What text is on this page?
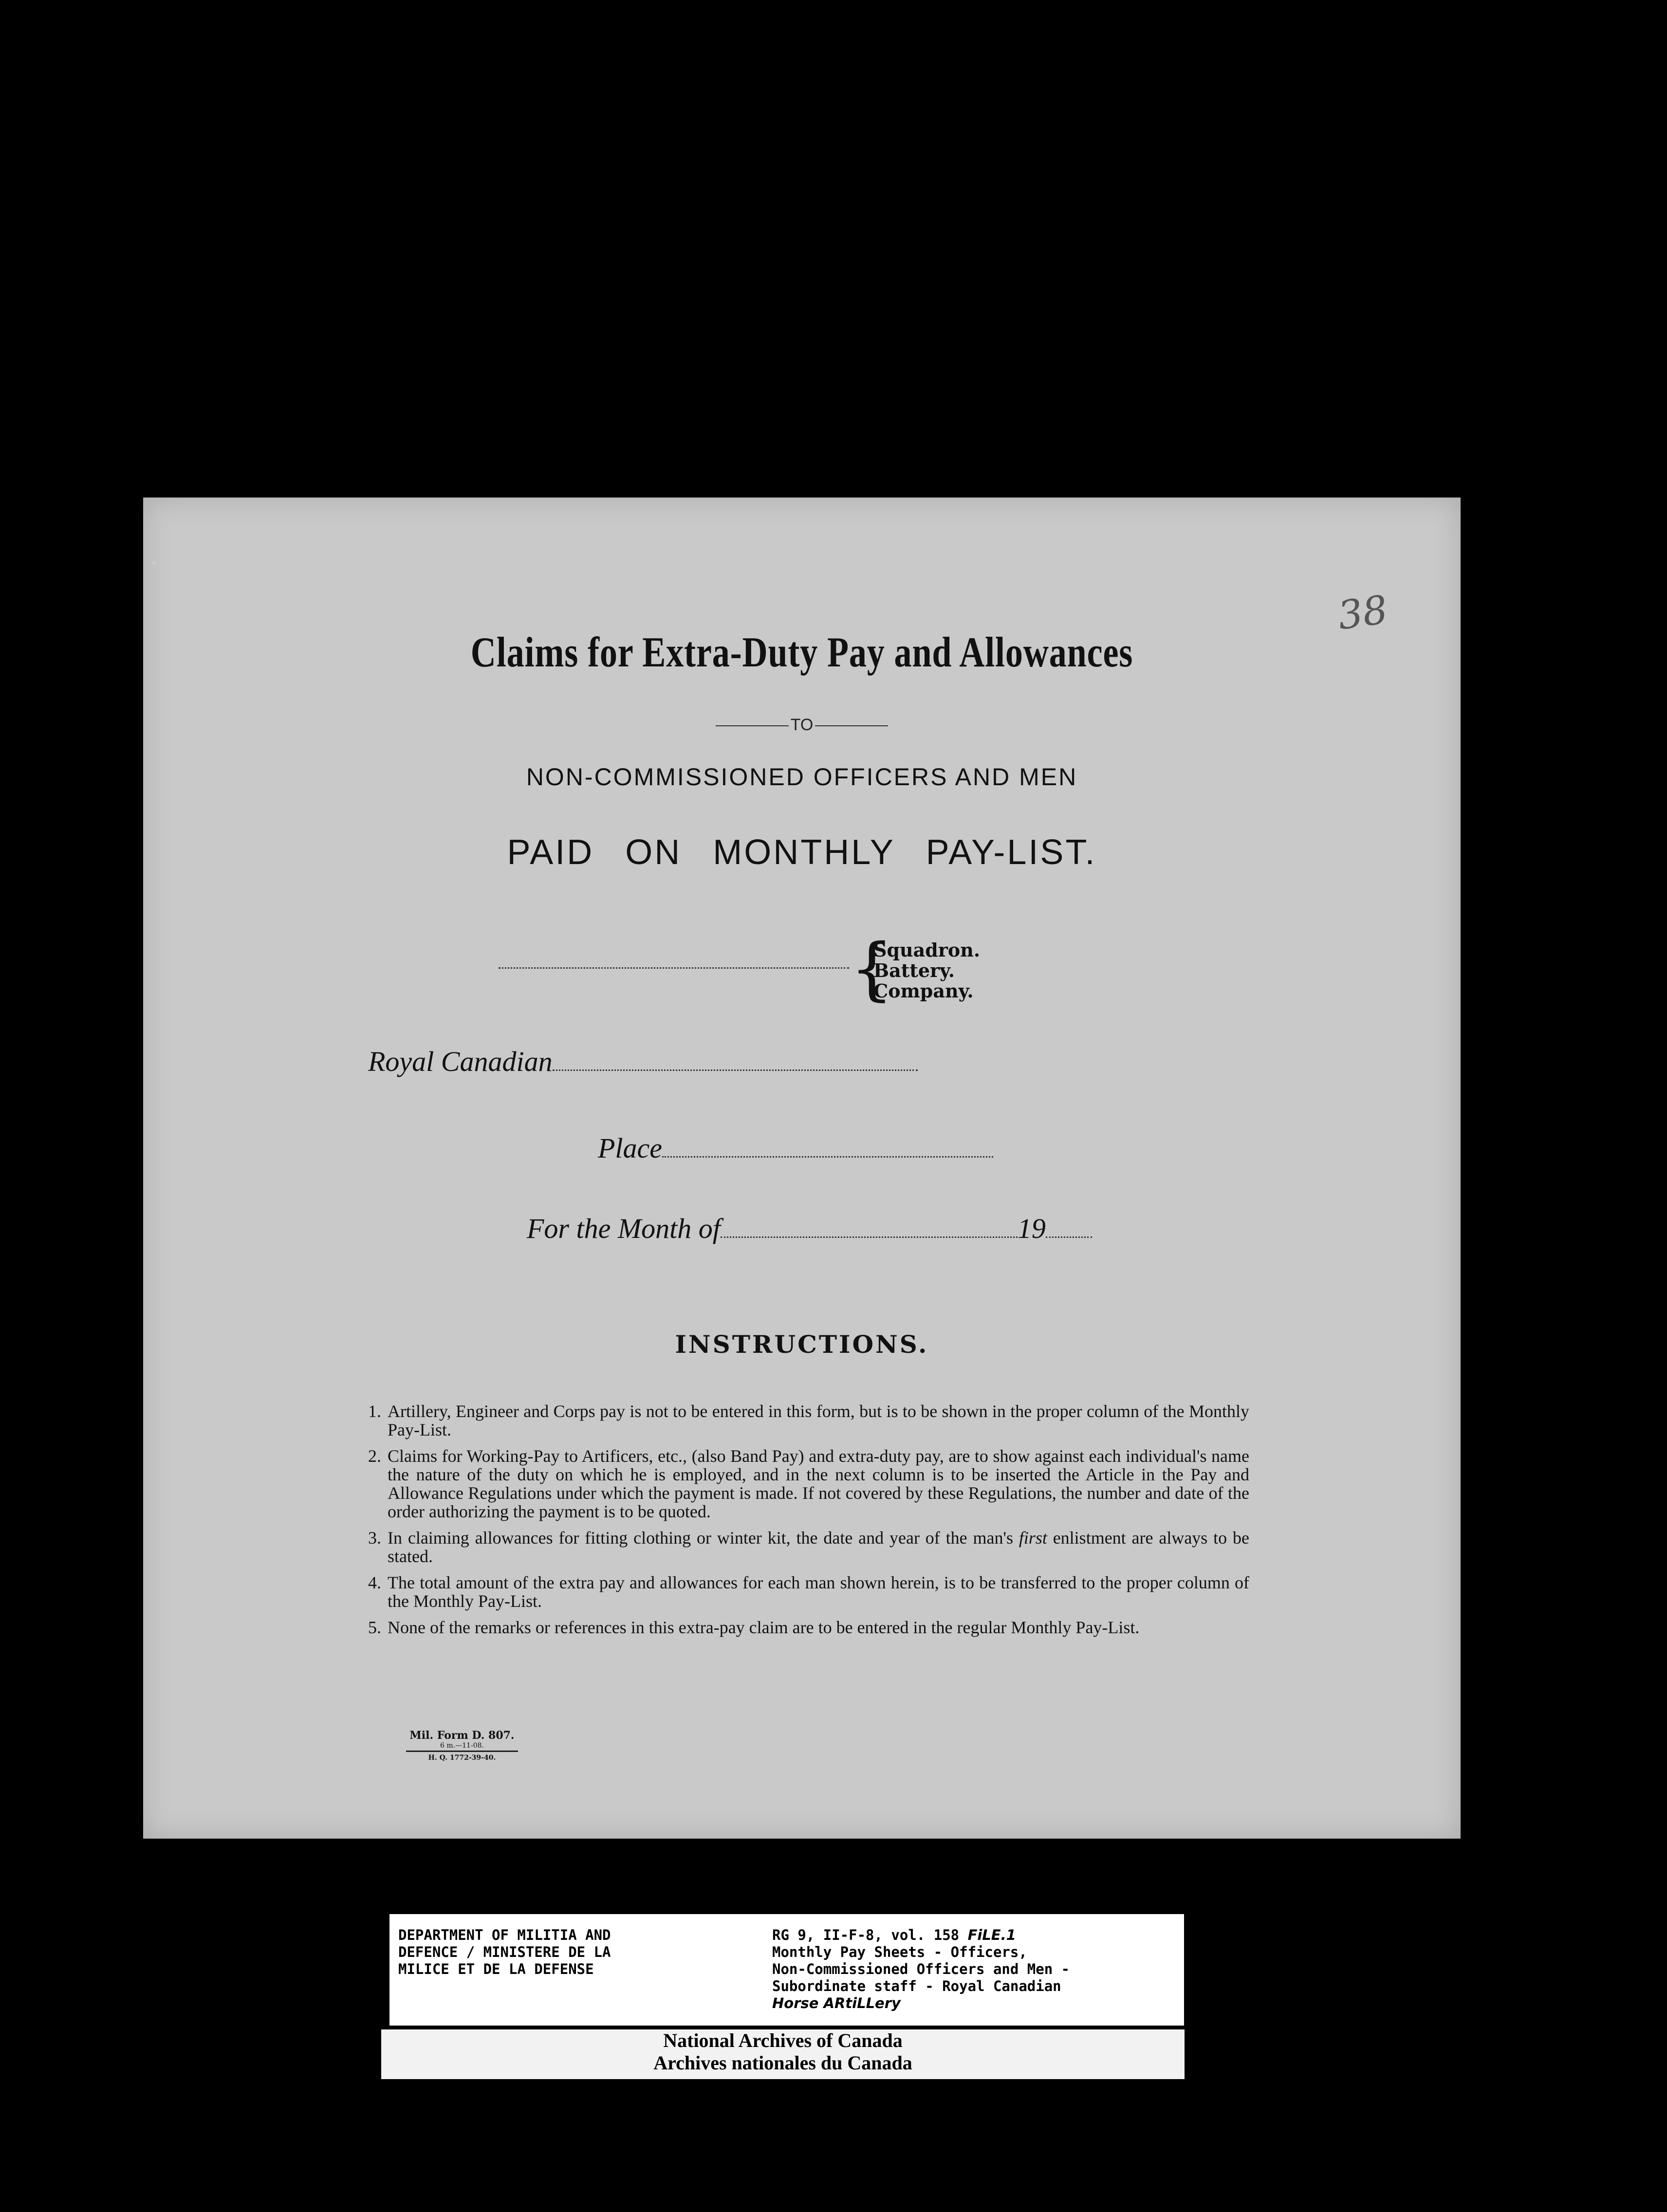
38
Claims for Extra-Duty Pay and Allowances
TO
NON-COMMISSIONED OFFICERS AND MEN
PAID ON MONTHLY PAY-LIST.
{
Squadron.
Battery.
Company.
Royal Canadian
Place
For the Month of	19
INSTRUCTIONS.
1. Artillery, Engineer and Corps pay is not to be entered in this form, but is to be shown in the proper column of the Monthly Pay-List.
2. Claims for Working-Pay to Artificers, etc., (also Band Pay) and extra-duty pay, are to show against each individual's name the nature of the duty on which he is employed, and in the next column is to be inserted the Article in the Pay and Allowance Regulations under which the payment is made. If not covered by these Regulations, the number and date of the order authorizing the payment is to be quoted.
3. In claiming allowances for fitting clothing or winter kit, the date and year of the man's first enlistment are always to be stated.
4. The total amount of the extra pay and allowances for each man shown herein, is to be transferred to the proper column of the Monthly Pay-List.
5. None of the remarks or references in this extra-pay claim are to be entered in the regular Monthly Pay-List.
Mil. Form D. 807.
6 m.—11-08.
H. Q. 1772-39-40.
DEPARTMENT OF MILITIA AND
DEFENCE / MINISTERE DE LA
MILICE ET DE LA DEFENSE
RG 9, II-F-8, vol. 158 FiLE.1
Monthly Pay Sheets - Officers,
Non-Commissioned Officers and Men -
Subordinate staff - Royal Canadian
Horse ARtiLLery
National Archives of Canada
Archives nationales du Canada
